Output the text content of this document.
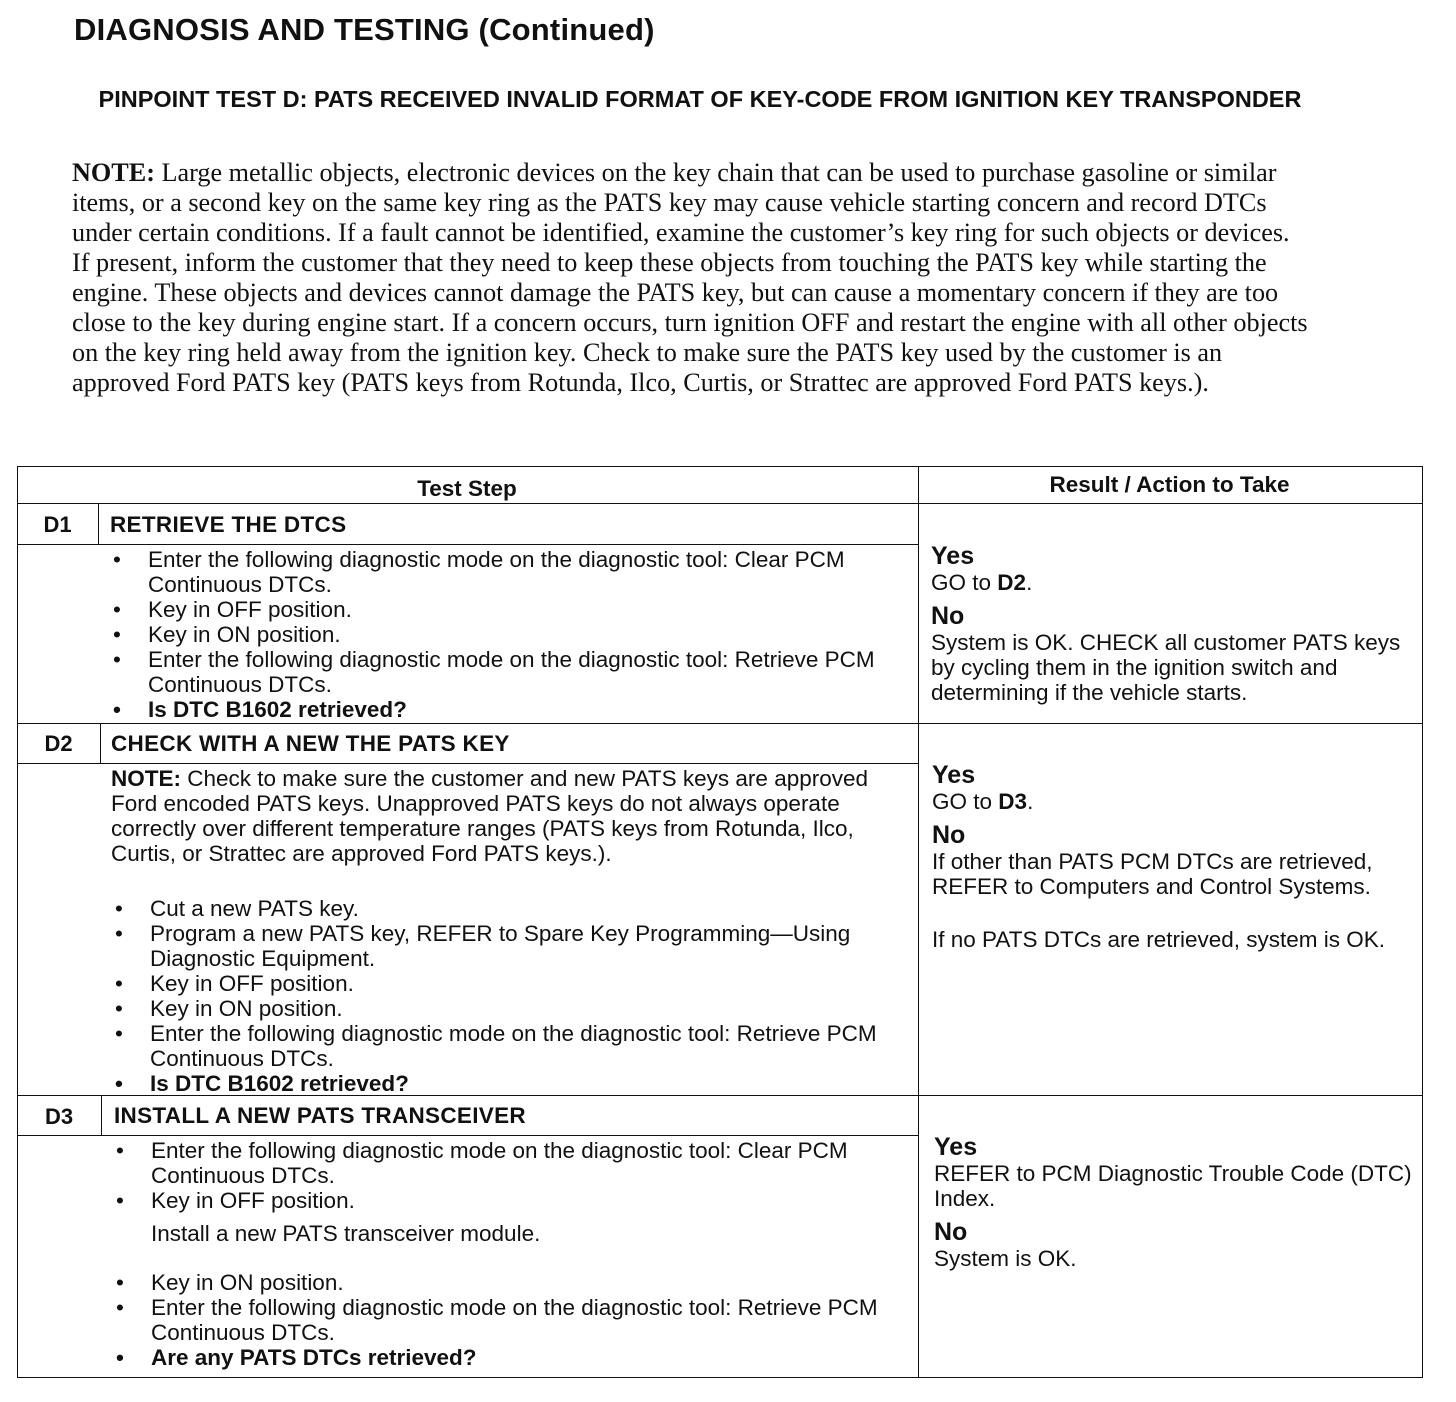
DIAGNOSIS AND TESTING (Continued)
PINPOINT TEST D: PATS RECEIVED INVALID FORMAT OF KEY-CODE FROM IGNITION KEY TRANSPONDER
NOTE: Large metallic objects, electronic devices on the key chain that can be used to purchase gasoline or similar items, or a second key on the same key ring as the PATS key may cause vehicle starting concern and record DTCs under certain conditions. If a fault cannot be identified, examine the customer’s key ring for such objects or devices. If present, inform the customer that they need to keep these objects from touching the PATS key while starting the engine. These objects and devices cannot damage the PATS key, but can cause a momentary concern if they are too close to the key during engine start. If a concern occurs, turn ignition OFF and restart the engine with all other objects on the key ring held away from the ignition key. Check to make sure the PATS key used by the customer is an approved Ford PATS key (PATS keys from Rotunda, Ilco, Curtis, or Strattec are approved Ford PATS keys.).
Test Step	Result / Action to Take
D1	RETRIEVE THE DTCS
• Enter the following diagnostic mode on the diagnostic tool: Clear PCM Continuous DTCs.
• Key in OFF position.
• Key in ON position.
• Enter the following diagnostic mode on the diagnostic tool: Retrieve PCM Continuous DTCs.
• Is DTC B1602 retrieved?
Yes
GO to D2.
No
System is OK. CHECK all customer PATS keys by cycling them in the ignition switch and determining if the vehicle starts.
D2	CHECK WITH A NEW THE PATS KEY
NOTE: Check to make sure the customer and new PATS keys are approved Ford encoded PATS keys. Unapproved PATS keys do not always operate correctly over different temperature ranges (PATS keys from Rotunda, Ilco, Curtis, or Strattec are approved Ford PATS keys.).
• Cut a new PATS key.
• Program a new PATS key, REFER to Spare Key Programming—Using Diagnostic Equipment.
• Key in OFF position.
• Key in ON position.
• Enter the following diagnostic mode on the diagnostic tool: Retrieve PCM Continuous DTCs.
• Is DTC B1602 retrieved?
Yes
GO to D3.
No
If other than PATS PCM DTCs are retrieved, REFER to Computers and Control Systems.
If no PATS DTCs are retrieved, system is OK.
D3	INSTALL A NEW PATS TRANSCEIVER
• Enter the following diagnostic mode on the diagnostic tool: Clear PCM Continuous DTCs.
• Key in OFF position.
Install a new PATS transceiver module.
• Key in ON position.
• Enter the following diagnostic mode on the diagnostic tool: Retrieve PCM Continuous DTCs.
• Are any PATS DTCs retrieved?
Yes
REFER to PCM Diagnostic Trouble Code (DTC) Index.
No
System is OK.
